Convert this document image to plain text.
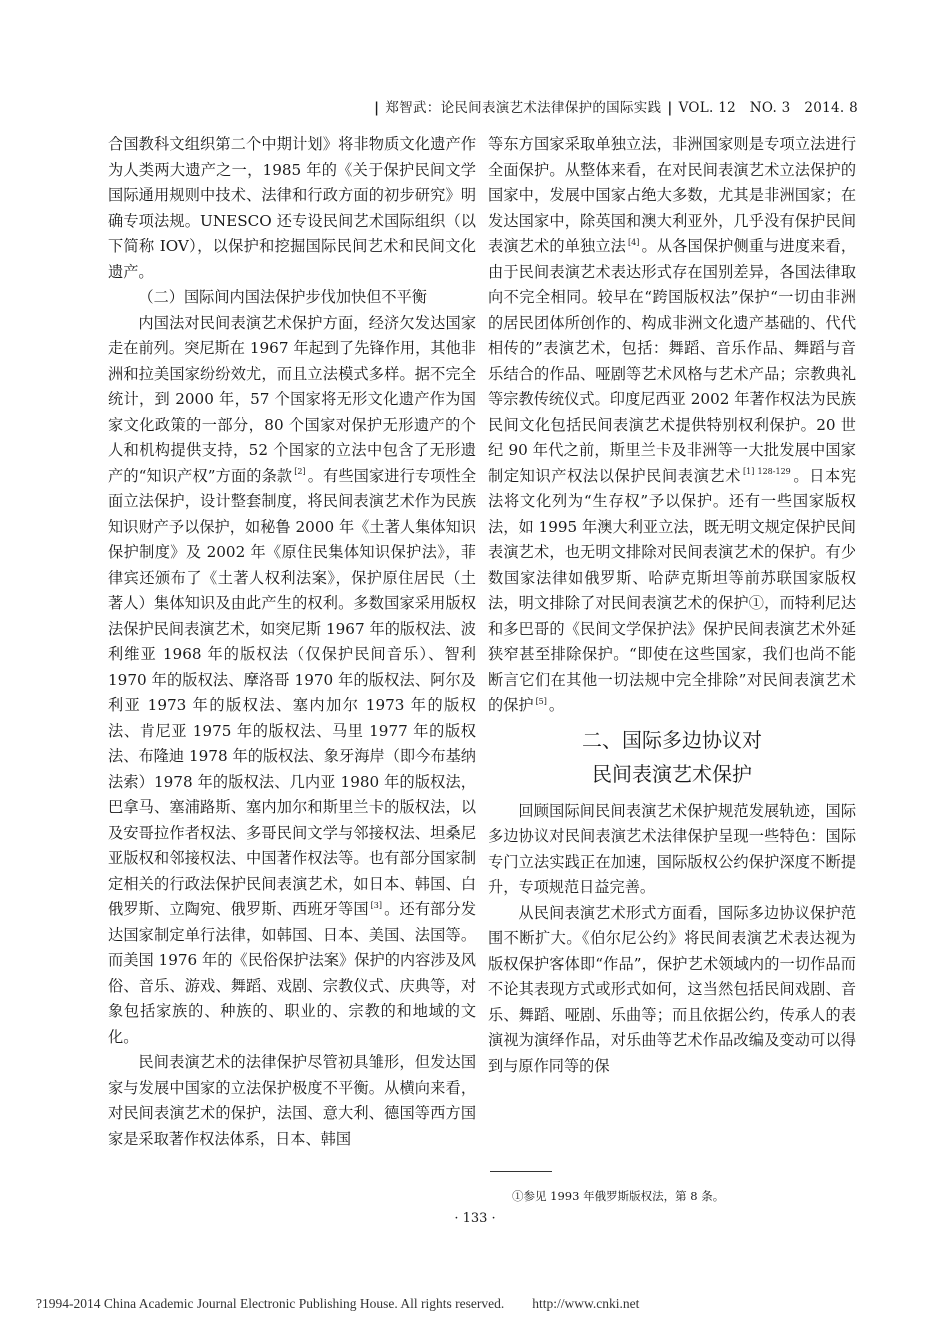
| 郑智武：论民间表演艺术法律保护的国际实践 | VOL. 12　NO. 3　2014. 8

合国教科文组织第二个中期计划》将非物质文化遗产作为人类两大遗产之一，1985 年的《关于保护民间文学国际通用规则中技术、法律和行政方面的初步研究》明确专项法规。UNESCO 还专设民间艺术国际组织（以下简称 IOV），以保护和挖掘国际民间艺术和民间文化遗产。

（二）国际间内国法保护步伐加快但不平衡

内国法对民间表演艺术保护方面，经济欠发达国家走在前列。突尼斯在 1967 年起到了先锋作用，其他非洲和拉美国家纷纷效尤，而且立法模式多样。据不完全统计，到 2000 年，57 个国家将无形文化遗产作为国家文化政策的一部分，80 个国家对保护无形遗产的个人和机构提供支持，52 个国家的立法中包含了无形遗产的“知识产权”方面的条款 [2] 。有些国家进行专项性全面立法保护，设计整套制度，将民间表演艺术作为民族知识财产予以保护，如秘鲁 2000 年《土著人集体知识保护制度》及 2002 年《原住民集体知识保护法》，菲律宾还颁布了《土著人权利法案》，保护原住居民（土著人）集体知识及由此产生的权利。多数国家采用版权法保护民间表演艺术，如突尼斯 1967 年的版权法、波利维亚 1968 年的版权法（仅保护民间音乐）、智利 1970 年的版权法、摩洛哥 1970 年的版权法、阿尔及利亚 1973 年的版权法、塞内加尔 1973 年的版权法、肯尼亚 1975 年的版权法、马里 1977 年的版权法、布隆迪 1978 年的版权法、象牙海岸（即今布基纳法索）1978 年的版权法、几内亚 1980 年的版权法，巴拿马、塞浦路斯、塞内加尔和斯里兰卡的版权法，以及安哥拉作者权法、多哥民间文学与邻接权法、坦桑尼亚版权和邻接权法、中国著作权法等。也有部分国家制定相关的行政法保护民间表演艺术，如日本、韩国、白俄罗斯、立陶宛、俄罗斯、西班牙等国 [3] 。还有部分发达国家制定单行法律，如韩国、日本、美国、法国等。而美国 1976 年的《民俗保护法案》保护的内容涉及风俗、音乐、游戏、舞蹈、戏剧、宗教仪式、庆典等，对象包括家族的、种族的、职业的、宗教的和地域的文化。

民间表演艺术的法律保护尽管初具雏形，但发达国家与发展中国家的立法保护极度不平衡。从横向来看，对民间表演艺术的保护，法国、意大利、德国等西方国家是采取著作权法体系，日本、韩国

等东方国家采取单独立法，非洲国家则是专项立法进行全面保护。从整体来看，在对民间表演艺术立法保护的国家中，发展中国家占绝大多数，尤其是非洲国家；在发达国家中，除英国和澳大利亚外，几乎没有保护民间表演艺术的单独立法 [4] 。从各国保护侧重与进度来看，由于民间表演艺术表达形式存在国别差异，各国法律取向不完全相同。较早在“跨国版权法”保护“一切由非洲的居民团体所创作的、构成非洲文化遗产基础的、代代相传的”表演艺术，包括：舞蹈、音乐作品、舞蹈与音乐结合的作品、哑剧等艺术风格与艺术产品；宗教典礼等宗教传统仪式。印度尼西亚 2002 年著作权法为民族民间文化包括民间表演艺术提供特别权利保护。20 世纪 90 年代之前，斯里兰卡及非洲等一大批发展中国家制定知识产权法以保护民间表演艺术 $^{[1] 128-129}$ 。日本宪法将文化列为“生存权”予以保护。还有一些国家版权法，如 1995 年澳大利亚立法，既无明文规定保护民间表演艺术，也无明文排除对民间表演艺术的保护。有少数国家法律如俄罗斯、哈萨克斯坦等前苏联国家版权法，明文排除了对民间表演艺术的保护①，而特利尼达和多巴哥的《民间文学保护法》保护民间表演艺术外延狭窄甚至排除保护。“即使在这些国家，我们也尚不能断言它们在其他一切法规中完全排除”对民间表演艺术的保护 [5] 。

二、国际多边协议对
民间表演艺术保护

回顾国际间民间表演艺术保护规范发展轨迹，国际多边协议对民间表演艺术法律保护呈现一些特色：国际专门立法实践正在加速，国际版权公约保护深度不断提升，专项规范日益完善。

从民间表演艺术形式方面看，国际多边协议保护范围不断扩大。《伯尔尼公约》将民间表演艺术表达视为版权保护客体即“作品”，保护艺术领域内的一切作品而不论其表现方式或形式如何，这当然包括民间戏剧、音乐、舞蹈、哑剧、乐曲等；而且依据公约，传承人的表演视为演绎作品，对乐曲等艺术作品改编及变动可以得到与原作同等的保

①参见 1993 年俄罗斯版权法，第 8 条。
· 133 ·
?1994-2014 China Academic Journal Electronic Publishing House. All rights reserved. http://www.cnki.net
